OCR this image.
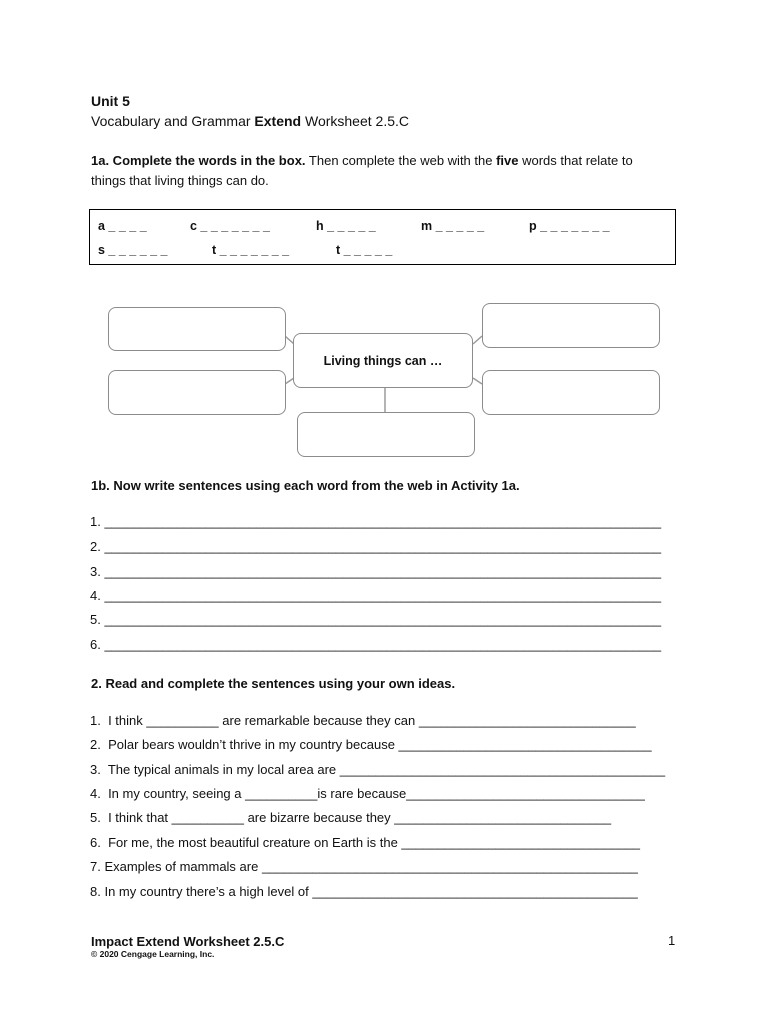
Unit 5
Vocabulary and Grammar Extend Worksheet 2.5.C
1a. Complete the words in the box. Then complete the web with the five words that relate to
things that living things can do.
a _ _ _ _	c _ _ _ _ _ _ _	h _ _ _ _ _	m _ _ _ _ _	p _ _ _ _ _ _ _
s _ _ _ _ _ _	t _ _ _ _ _ _ _	t _ _ _ _ _
Living things can …
1b. Now write sentences using each word from the web in Activity 1a.
1. _____________________________________________________________________________
2. _____________________________________________________________________________
3. _____________________________________________________________________________
4. _____________________________________________________________________________
5. _____________________________________________________________________________
6. _____________________________________________________________________________
2. Read and complete the sentences using your own ideas.
1.  I think __________ are remarkable because they can ______________________________
2.  Polar bears wouldn’t thrive in my country because ___________________________________
3.  The typical animals in my local area are _____________________________________________
4.  In my country, seeing a __________is rare because_________________________________
5.  I think that __________ are bizarre because they ______________________________
6.  For me, the most beautiful creature on Earth is the _________________________________
7. Examples of mammals are ____________________________________________________
8. In my country there’s a high level of _____________________________________________
Impact Extend Worksheet 2.5.C
© 2020 Cengage Learning, Inc.
1
